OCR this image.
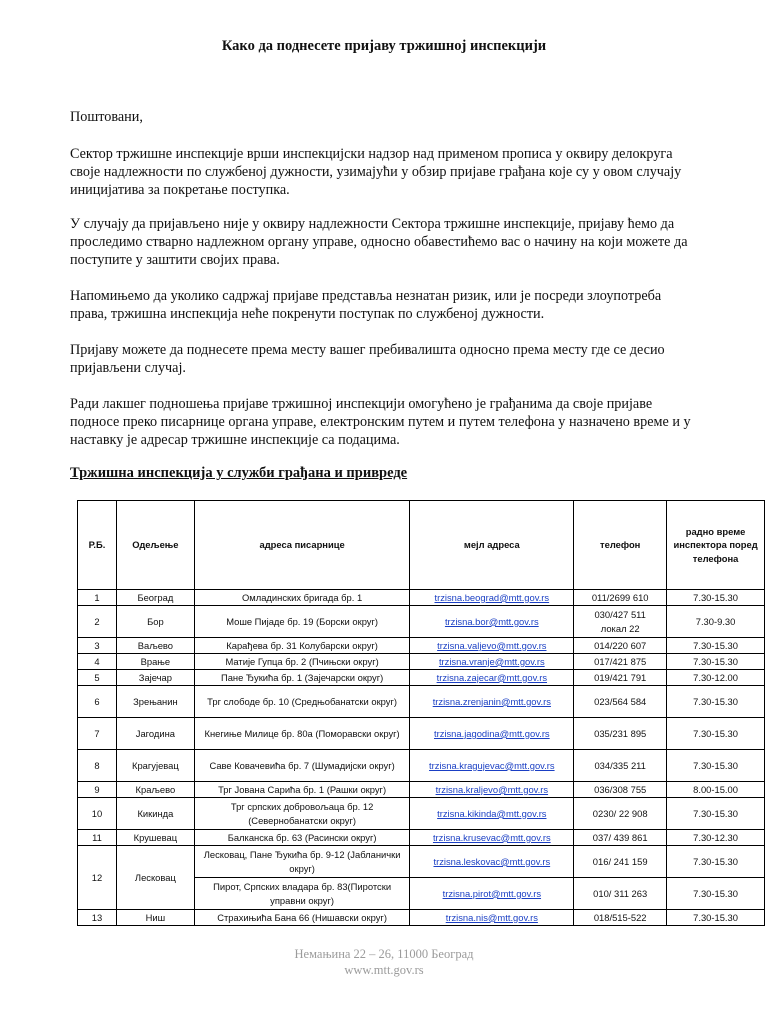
Како да поднесете пријаву тржишној инспекцији
Поштовани,
Сектор тржишне инспекције врши инспекцијски надзор над применом прописа у оквиру делокруга своје надлежности по службеној дужности, узимајући у обзир пријаве грађана које су у овом случају иницијатива за покретање поступка.
У случају да пријављено није у оквиру надлежности Сектора тржишне инспекције, пријаву ћемо да проследимо стварно надлежном органу управе, односно обавестићемо вас о начину на који можете да поступите у заштити својих права.
Напомињемо да уколико садржај пријаве представља незнатан ризик, или је посреди злоупотреба права, тржишна инспекција неће покренути поступак по службеној дужности.
Пријаву можете да поднесете према месту вашег пребивалишта односно према месту где се десио пријављени случај.
Ради лакшег подношења пријаве тржишној инспекцији омогућено је грађанима да своје пријаве подносе преко писарнице органа управе, електронским путем и путем телефона у назначено време и у наставку је адресар тржишне инспекције са подацима.
Тржишна инспекција у служби грађана и привреде
Р.Б.	Одељење	адреса писарнице	мејл адреса	телефон	радно време инспектора поред телефона
1	Београд	Омладинских бригада бр. 1	trzisna.beograd@mtt.gov.rs	011/2699 610	7.30-15.30
2	Бор	Моше Пијаде бр. 19 (Борски округ)	trzisna.bor@mtt.gov.rs	030/427 511 локал 22	7.30-9.30
3	Ваљево	Карађева бр. 31 Колубарски округ)	trzisna.valjevo@mtt.gov.rs	014/220 607	7.30-15.30
4	Врање	Матије Гупца бр. 2 (Пчињски округ)	trzisna.vranje@mtt.gov.rs	017/421 875	7.30-15.30
5	Зајечар	Пане Ђукића бр. 1 (Зајечарски округ)	trzisna.zajecar@mtt.gov.rs	019/421 791	7.30-12.00
6	Зрењанин	Трг слободе бр. 10 (Средњобанатски округ)	trzisna.zrenjanin@mtt.gov.rs	023/564 584	7.30-15.30
7	Јагодина	Кнегиње Милице бр. 80а (Поморавски округ)	trzisna.jagodina@mtt.gov.rs	035/231 895	7.30-15.30
8	Крагујевац	Саве Ковачевића бр. 7 (Шумадијски округ)	trzisna.kragujevac@mtt.gov.rs	034/335 211	7.30-15.30
9	Краљево	Трг Јована Сарића бр. 1 (Рашки округ)	trzisna.kraljevo@mtt.gov.rs	036/308 755	8.00-15.00
10	Кикинда	Трг српских добровољаца бр. 12 (Севернобанатски округ)	trzisna.kikinda@mtt.gov.rs	0230/ 22 908	7.30-15.30
11	Крушевац	Балканска бр. 63 (Расински округ)	trzisna.krusevac@mtt.gov.rs	037/ 439 861	7.30-12.30
12	Лесковац	Лесковац, Пане Ђукића бр. 9-12 (Јабланички округ)	trzisna.leskovac@mtt.gov.rs	016/ 241 159	7.30-15.30
		Пирот, Српских владара бр. 83(Пиротски управни округ)	trzisna.pirot@mtt.gov.rs	010/ 311 263	7.30-15.30
13	Ниш	Страхињића Бана 66 (Нишавски округ)	trzisna.nis@mtt.gov.rs	018/515-522	7.30-15.30
Немањина 22 – 26, 11000 Београд
www.mtt.gov.rs
